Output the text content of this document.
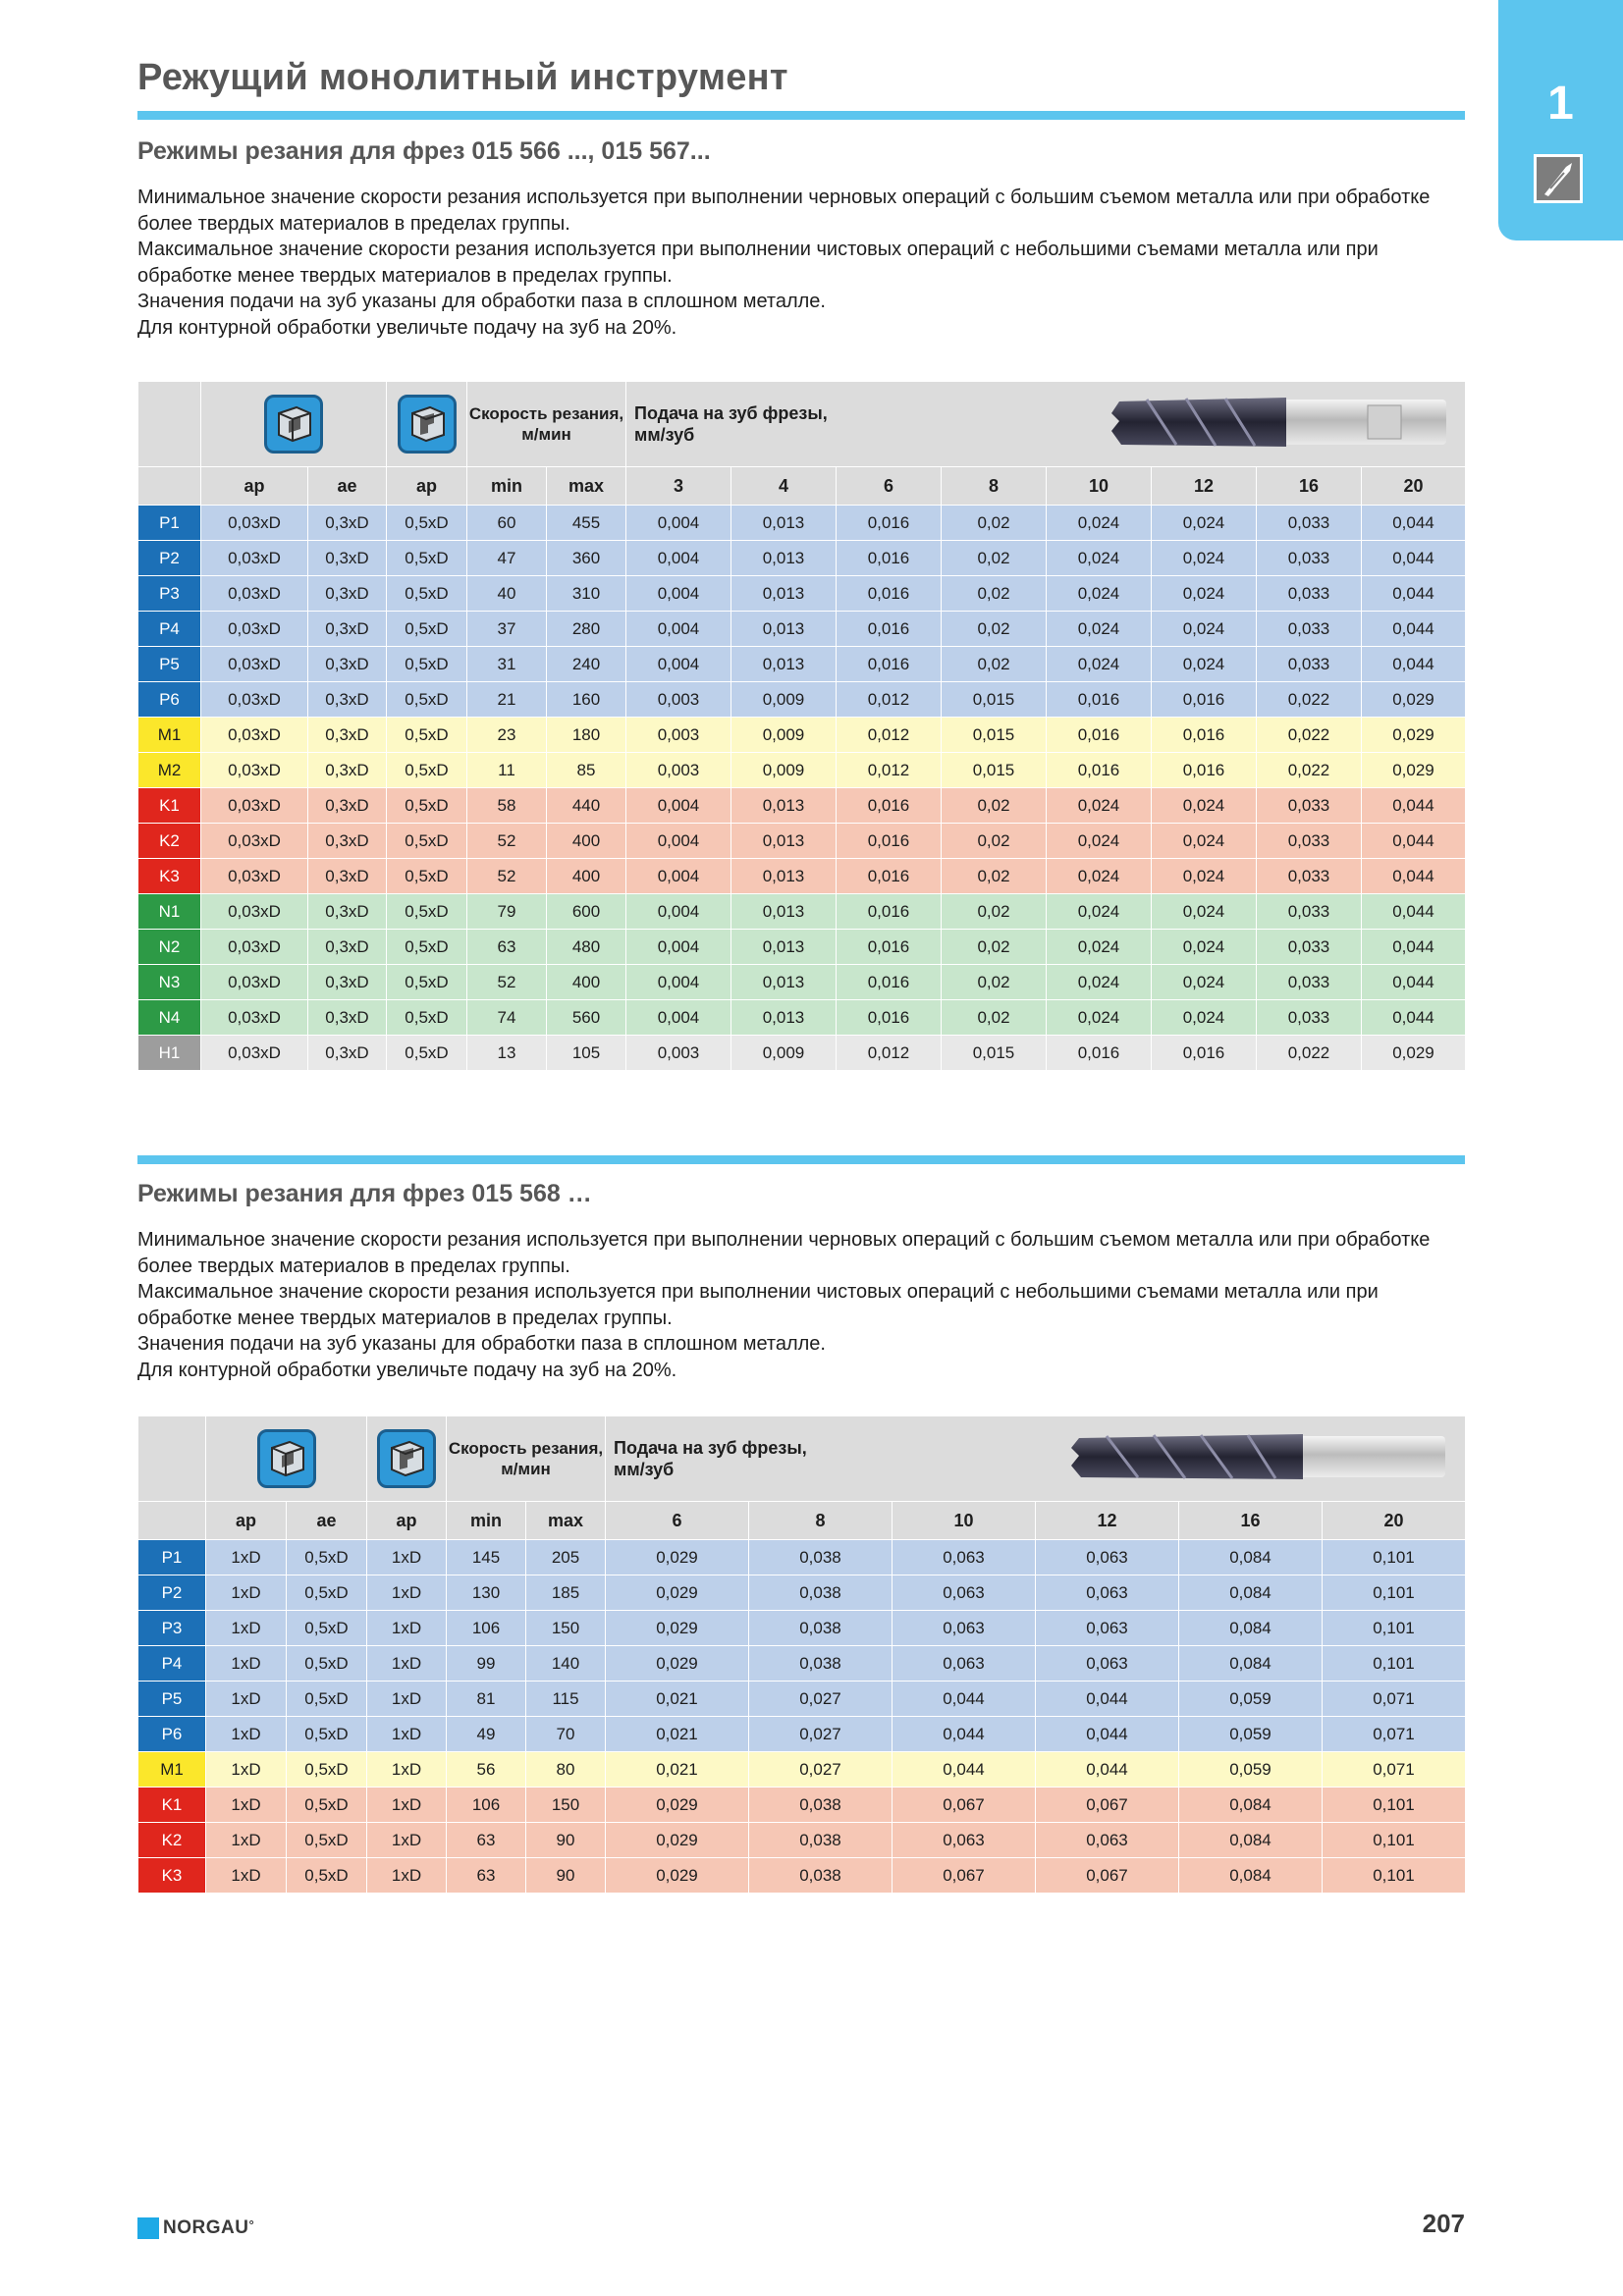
1
Режущий монолитный инструмент
Режимы резания для фрез 015 566 ..., 015 567...

Минимальное значение скорости резания используется при выполнении черновых операций с большим съемом металла или при обработке более твердых материалов в пределах группы.

Максимальное значение скорости резания используется при выполнении чистовых операций с небольшими съемами металла или при обработке менее твердых материалов в пределах группы.

Значения подачи на зуб указаны для обработки паза в сплошном металле.

Для контурной обработки увеличьте подачу на зуб на 20%.

	Скорость резания, м/мин		Подача на зуб фрезы, мм/зуб							

	ap	ae	ap	min	max	3	4	6	8	10	12	16	20
P1	0,03xD	0,3xD	0,5xD	60	455	0,004	0,013	0,016	0,02	0,024	0,024	0,033	0,044
P2	0,03xD	0,3xD	0,5xD	47	360	0,004	0,013	0,016	0,02	0,024	0,024	0,033	0,044
P3	0,03xD	0,3xD	0,5xD	40	310	0,004	0,013	0,016	0,02	0,024	0,024	0,033	0,044
P4	0,03xD	0,3xD	0,5xD	37	280	0,004	0,013	0,016	0,02	0,024	0,024	0,033	0,044
P5	0,03xD	0,3xD	0,5xD	31	240	0,004	0,013	0,016	0,02	0,024	0,024	0,033	0,044
P6	0,03xD	0,3xD	0,5xD	21	160	0,003	0,009	0,012	0,015	0,016	0,016	0,022	0,029
M1	0,03xD	0,3xD	0,5xD	23	180	0,003	0,009	0,012	0,015	0,016	0,016	0,022	0,029
M2	0,03xD	0,3xD	0,5xD	11	85	0,003	0,009	0,012	0,015	0,016	0,016	0,022	0,029
K1	0,03xD	0,3xD	0,5xD	58	440	0,004	0,013	0,016	0,02	0,024	0,024	0,033	0,044
K2	0,03xD	0,3xD	0,5xD	52	400	0,004	0,013	0,016	0,02	0,024	0,024	0,033	0,044
K3	0,03xD	0,3xD	0,5xD	52	400	0,004	0,013	0,016	0,02	0,024	0,024	0,033	0,044
N1	0,03xD	0,3xD	0,5xD	79	600	0,004	0,013	0,016	0,02	0,024	0,024	0,033	0,044
N2	0,03xD	0,3xD	0,5xD	63	480	0,004	0,013	0,016	0,02	0,024	0,024	0,033	0,044
N3	0,03xD	0,3xD	0,5xD	52	400	0,004	0,013	0,016	0,02	0,024	0,024	0,033	0,044
N4	0,03xD	0,3xD	0,5xD	74	560	0,004	0,013	0,016	0,02	0,024	0,024	0,033	0,044
H1	0,03xD	0,3xD	0,5xD	13	105	0,003	0,009	0,012	0,015	0,016	0,016	0,022	0,029
Режимы резания для фрез 015 568 …

Минимальное значение скорости резания используется при выполнении черновых операций с большим съемом металла или при обработке более твердых материалов в пределах группы.

Максимальное значение скорости резания используется при выполнении чистовых операций с небольшими съемами металла или при обработке менее твердых материалов в пределах группы.

Значения подачи на зуб указаны для обработки паза в сплошном металле.

Для контурной обработки увеличьте подачу на зуб на 20%.

	Скорость резания, м/мин		Подача на зуб фрезы, мм/зуб					

	ap	ae	ap	min	max	6	8	10	12	16	20
P1	1xD	0,5xD	1xD	145	205	0,029	0,038	0,063	0,063	0,084	0,101
P2	1xD	0,5xD	1xD	130	185	0,029	0,038	0,063	0,063	0,084	0,101
P3	1xD	0,5xD	1xD	106	150	0,029	0,038	0,063	0,063	0,084	0,101
P4	1xD	0,5xD	1xD	99	140	0,029	0,038	0,063	0,063	0,084	0,101
P5	1xD	0,5xD	1xD	81	115	0,021	0,027	0,044	0,044	0,059	0,071
P6	1xD	0,5xD	1xD	49	70	0,021	0,027	0,044	0,044	0,059	0,071
M1	1xD	0,5xD	1xD	56	80	0,021	0,027	0,044	0,044	0,059	0,071
K1	1xD	0,5xD	1xD	106	150	0,029	0,038	0,067	0,067	0,084	0,101
K2	1xD	0,5xD	1xD	63	90	0,029	0,038	0,063	0,063	0,084	0,101
K3	1xD	0,5xD	1xD	63	90	0,029	0,038	0,067	0,067	0,084	0,101
NORGAU°	207
